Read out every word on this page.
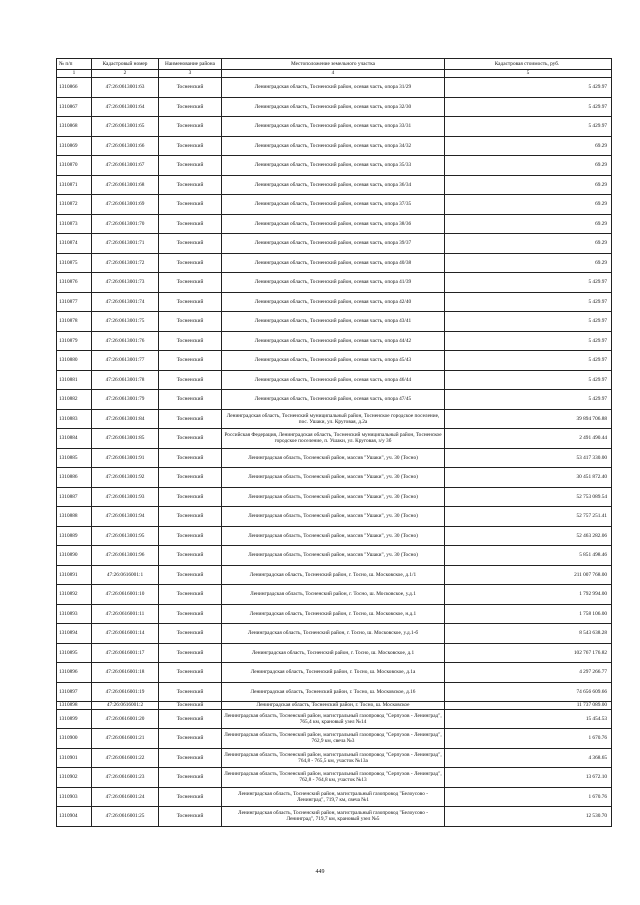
№ п/п	Кадастровый номер	Наименование района	Местоположение земельного участка	Кадастровая стоимость, руб.
1	2	3	4	5
1310866	47:26:0613001:63	Тосненский	Ленинградская область, Тосненский район, осевая часть, опора 31/29	5 429.97
1310867	47:26:0613001:64	Тосненский	Ленинградская область, Тосненский район, осевая часть, опора 32/30	5 429.97
1310868	47:26:0613001:65	Тосненский	Ленинградская область, Тосненский район, осевая часть, опора 33/31	5 429.97
1310869	47:26:0613001:66	Тосненский	Ленинградская область, Тосненский район, осевая часть, опора 34/32	69.29
1310870	47:26:0613001:67	Тосненский	Ленинградская область, Тосненский район, осевая часть, опора 35/33	69.29
1310871	47:26:0613001:68	Тосненский	Ленинградская область, Тосненский район, осевая часть, опора 36/34	69.29
1310872	47:26:0613001:69	Тосненский	Ленинградская область, Тосненский район, осевая часть, опора 37/35	69.29
1310873	47:26:0613001:70	Тосненский	Ленинградская область, Тосненский район, осевая часть, опора 38/36	69.29
1310874	47:26:0613001:71	Тосненский	Ленинградская область, Тосненский район, осевая часть, опора 39/37	69.29
1310875	47:26:0613001:72	Тосненский	Ленинградская область, Тосненский район, осевая часть, опора 40/38	69.29
1310876	47:26:0613001:73	Тосненский	Ленинградская область, Тосненский район, осевая часть, опора 41/39	5 429.97
1310877	47:26:0613001:74	Тосненский	Ленинградская область, Тосненский район, осевая часть, опора 42/40	5 429.97
1310878	47:26:0613001:75	Тосненский	Ленинградская область, Тосненский район, осевая часть, опора 43/41	5 429.97
1310879	47:26:0613001:76	Тосненский	Ленинградская область, Тосненский район, осевая часть, опора 44/42	5 429.97
1310880	47:26:0613001:77	Тосненский	Ленинградская область, Тосненский район, осевая часть, опора 45/43	5 429.97
1310881	47:26:0613001:78	Тосненский	Ленинградская область, Тосненский район, осевая часть, опора 46/44	5 429.97
1310882	47:26:0613001:79	Тосненский	Ленинградская область, Тосненский район, осевая часть, опора 47/45	5 429.97
1310883	47:26:0613001:84	Тосненский	Ленинградская область, Тосненский муниципальный район, Тосненское городское поселение, пос. Ушаки, ул. Круговая, д.2а	39 894 706.88
1310884	47:26:0613001:85	Тосненский	Российская Федерация, Ленинградская область, Тосненский муниципальный район, Тосненское городское поселение, п. Ушаки, ул. Круговая, з/у 3б	2 491 490.44
1310885	47:26:0613001:91	Тосненский	Ленинградская область, Тосненский район, массив "Ушаки", уч. 30 (Тосно)	53 417 330.00
1310886	47:26:0613001:92	Тосненский	Ленинградская область, Тосненский район, массив "Ушаки", уч. 30 (Тосно)	30 451 872.40
1310887	47:26:0613001:93	Тосненский	Ленинградская область, Тосненский район, массив "Ушаки", уч. 30 (Тосно)	52 753 089.54
1310888	47:26:0613001:94	Тосненский	Ленинградская область, Тосненский район, массив "Ушаки", уч. 30 (Тосно)	52 757 251.41
1310889	47:26:0613001:95	Тосненский	Ленинградская область, Тосненский район, массив "Ушаки", уч. 30 (Тосно)	52 463 282.06
1310890	47:26:0613001:96	Тосненский	Ленинградская область, Тосненский район, массив "Ушаки", уч. 30 (Тосно)	5 851 498.46
1310891	47:26:0616001:1	Тосненский	Ленинградская область, Тосненский район, г. Тосно, ш. Московское, д.1/1	211 007 768.00
1310892	47:26:0616001:10	Тосненский	Ленинградская область, Тосненский район, г. Тосно, ш. Московское, у.д.1	1 792 994.00
1310893	47:26:0616001:11	Тосненский	Ленинградская область, Тосненский район, г. Тосно, ш. Московское, н.д.1	1 758 106.00
1310894	47:26:0616001:14	Тосненский	Ленинградская область, Тосненский район, г. Тосно, ш. Московское, у.д.1-б	8 543 638.28
1310895	47:26:0616001:17	Тосненский	Ленинградская область, Тосненский район, г. Тосно, ш. Московское, д.1	102 767 176.82
1310896	47:26:0616001:18	Тосненский	Ленинградская область, Тосненский район, г. Тосно, ш. Московское, д.1а	4 297 266.77
1310897	47:26:0616001:19	Тосненский	Ленинградская область, Тосненский район, г. Тосно, ш. Московское, д.16	74 656 609.66
1310898	47:26:0616001:2	Тосненский	Ленинградская область, Тосненский район, г. Тосно, ш. Московское	11 737 089.00
1310899	47:26:0616001:20	Тосненский	Ленинградская область, Тосненский район, магистральный газопровод "Серпухов - Ленинград", 765,4 км, крановый узел №14	15 454.53
1310900	47:26:0616001:21	Тосненский	Ленинградская область, Тосненский район, магистральный газопровод "Серпухов - Ленинград", 762,9 км, свеча №3	1 670.76
1310901	47:26:0616001:22	Тосненский	Ленинградская область, Тосненский район, магистральный газопровод "Серпухов - Ленинград", 764,8 - 765,5 км, участок №13а	4 368.65
1310902	47:26:0616001:23	Тосненский	Ленинградская область, Тосненский район, магистральный газопровод "Серпухов - Ленинград", 762,8 - 764,8 км, участок №13	13 672.10
1310903	47:26:0616001:24	Тосненский	Ленинградская область, Тосненский район, магистральный газопровод "Белоусово - Ленинград", 719,7 км, свеча №1	1 670.76
1310904	47:26:0616001:25	Тосненский	Ленинградская область, Тосненский район, магистральный газопровод "Белоусово - Ленинград", 719,7 км, крановый узел №5	12 530.70
449
